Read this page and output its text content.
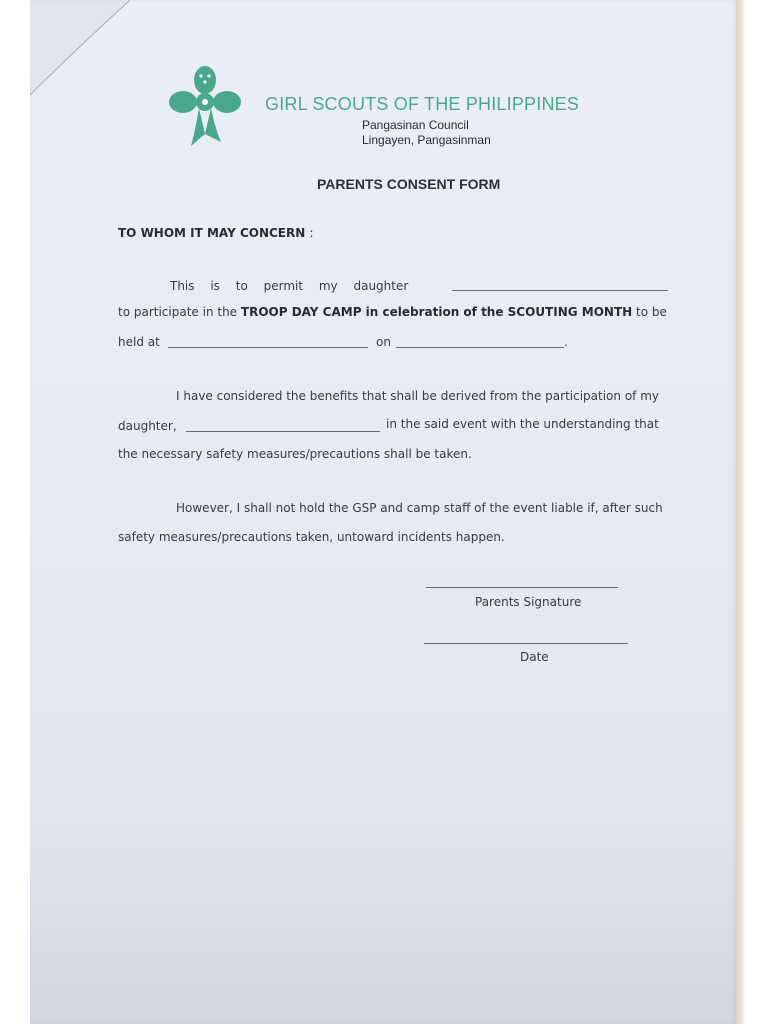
GIRL SCOUTS OF THE PHILIPPINES
Pangasinan Council
Lingayen, Pangasinman
PARENTS CONSENT FORM
TO WHOM IT MAY CONCERN :
This is to permit my daughter
to participate in the TROOP DAY CAMP in celebration of the SCOUTING MONTH to be
held at	on	.
I have considered the benefits that shall be derived from the participation of my
daughter,	in the said event with the understanding that
the necessary safety measures/precautions shall be taken.
However, I shall not hold the GSP and camp staff of the event liable if, after such
safety measures/precautions taken, untoward incidents happen.
Parents Signature
Date
